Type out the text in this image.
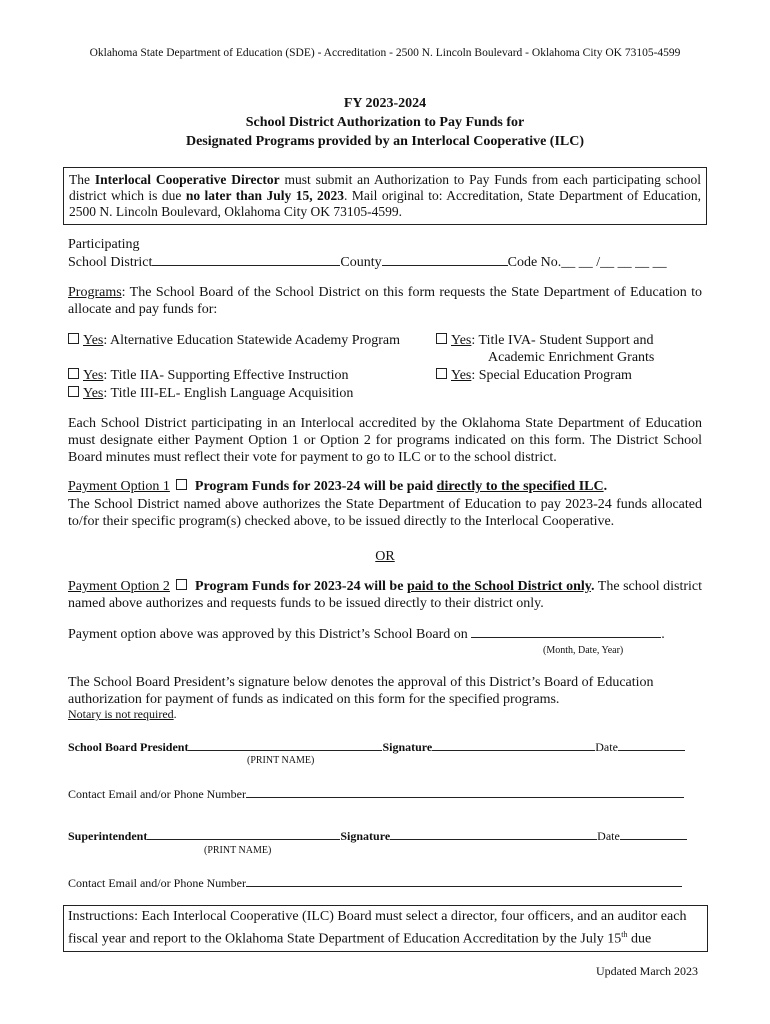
Oklahoma State Department of Education (SDE) - Accreditation - 2500 N. Lincoln Boulevard - Oklahoma City OK 73105-4599
FY 2023-2024
School District Authorization to Pay Funds for
Designated Programs provided by an Interlocal Cooperative (ILC)
The Interlocal Cooperative Director must submit an Authorization to Pay Funds from each participating school district which is due no later than July 15, 2023. Mail original to: Accreditation, State Department of Education, 2500 N. Lincoln Boulevard, Oklahoma City OK 73105-4599.
Participating
School District	County	Code No.__ __ /__ __ __ __
Programs: The School Board of the School District on this form requests the State Department of Education to allocate and pay funds for:
Yes: Alternative Education Statewide Academy Program	Yes: Title IVA- Student Support and
Academic Enrichment Grants
Yes: Title IIA- Supporting Effective Instruction	Yes: Special Education Program
Yes: Title III-EL- English Language Acquisition
Each School District participating in an Interlocal accredited by the Oklahoma State Department of Education must designate either Payment Option 1 or Option 2 for programs indicated on this form. The District School Board minutes must reflect their vote for payment to go to ILC or to the school district.
Payment Option 1 Program Funds for 2023-24 will be paid directly to the specified ILC.
The School District named above authorizes the State Department of Education to pay 2023-24 funds allocated to/for their specific program(s) checked above, to be issued directly to the Interlocal Cooperative.
OR
Payment Option 2 Program Funds for 2023-24 will be paid to the School District only. The school district named above authorizes and requests funds to be issued directly to their district only.
Payment option above was approved by this District’s School Board on	.
(Month, Date, Year)
The School Board President’s signature below denotes the approval of this District’s Board of Education authorization for payment of funds as indicated on this form for the specified programs.
Notary is not required.
School Board President	Signature	Date
(PRINT NAME)
Contact Email and/or Phone Number
Superintendent	Signature	Date
(PRINT NAME)
Contact Email and/or Phone Number
Instructions: Each Interlocal Cooperative (ILC) Board must select a director, four officers, and an auditor each fiscal year and report to the Oklahoma State Department of Education Accreditation by the July 15th due
Updated March 2023
